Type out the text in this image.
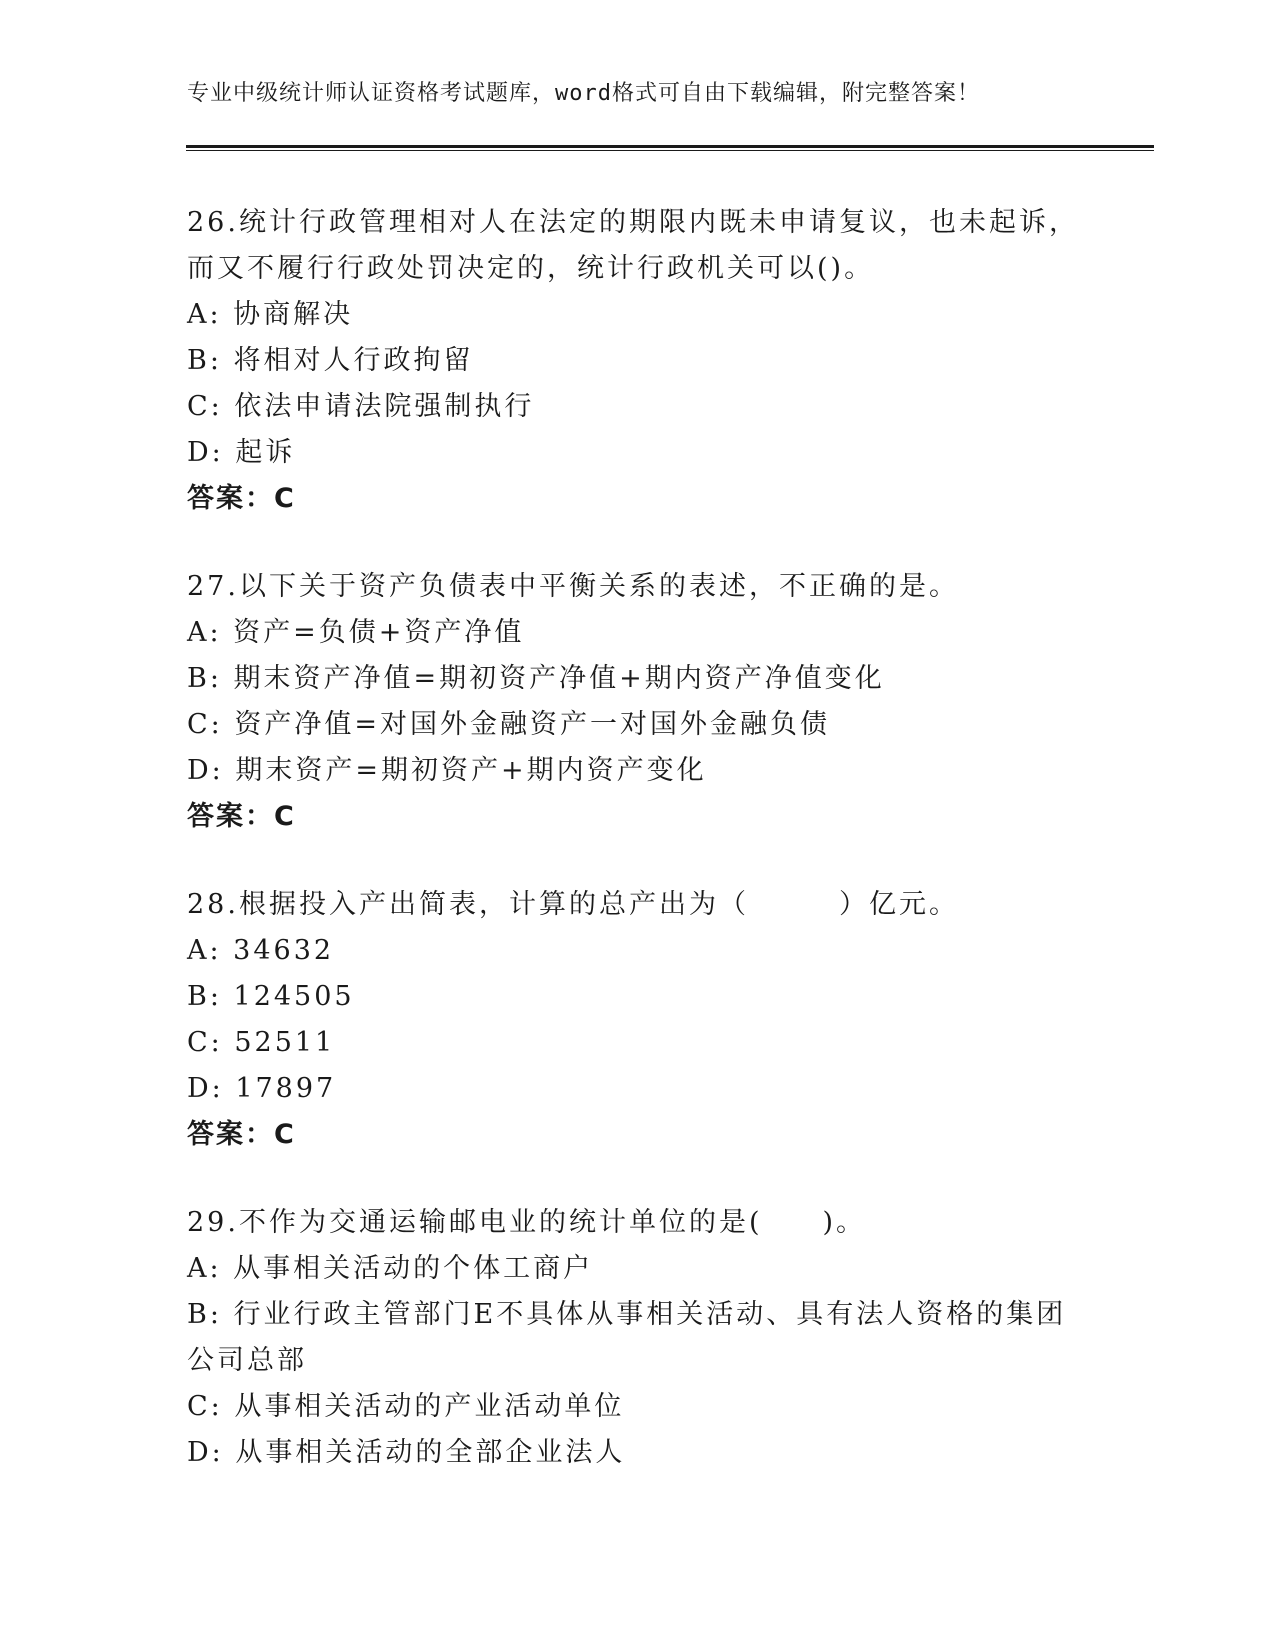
专业中级统计师认证资格考试题库，word格式可自由下载编辑，附完整答案！
26.统计行政管理相对人在法定的期限内既未申请复议，也未起诉，而又不履行行政处罚决定的，统计行政机关可以()。
A: 协商解决
B: 将相对人行政拘留
C: 依法申请法院强制执行
D: 起诉
答案：C
27.以下关于资产负债表中平衡关系的表述，不正确的是。
A: 资产=负债+资产净值
B: 期末资产净值=期初资产净值+期内资产净值变化
C: 资产净值=对国外金融资产一对国外金融负债
D: 期末资产=期初资产+期内资产变化
答案：C
28.根据投入产出简表，计算的总产出为（　　　）亿元。
A: 34632
B: 124505
C: 52511
D: 17897
答案：C
29.不作为交通运输邮电业的统计单位的是(　　)。
A: 从事相关活动的个体工商户
B: 行业行政主管部门E不具体从事相关活动、具有法人资格的集团公司总部
C: 从事相关活动的产业活动单位
D: 从事相关活动的全部企业法人
